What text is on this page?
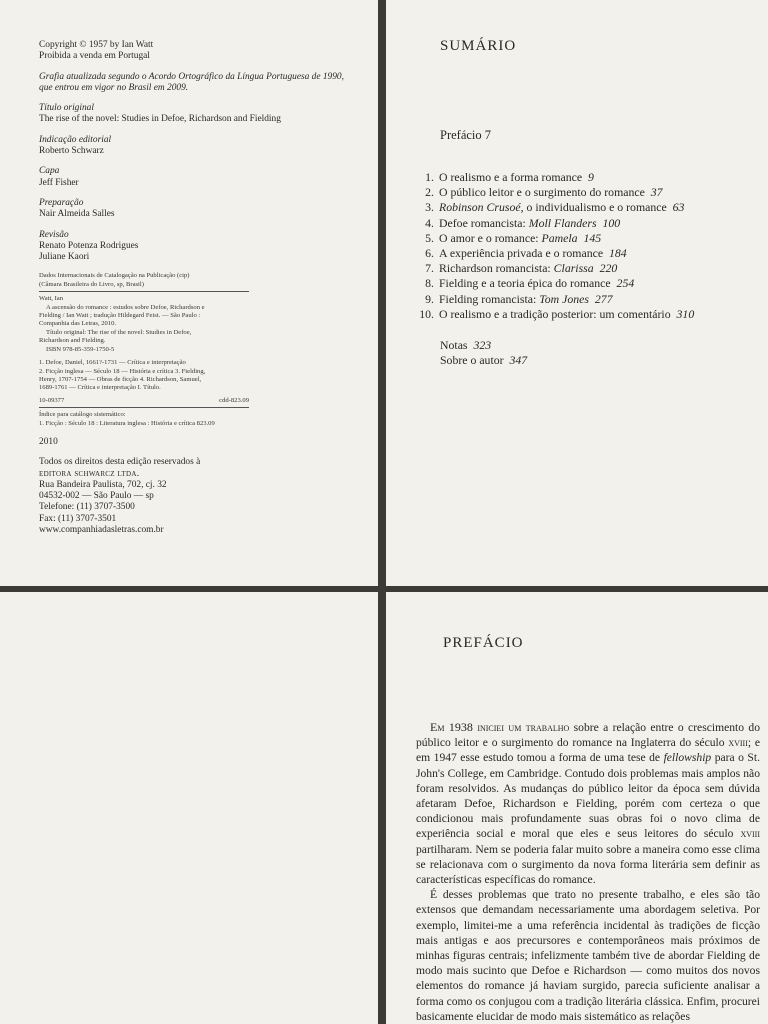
Copyright © 1957 by Ian Watt
Proibida a venda em Portugal
Grafia atualizada segundo o Acordo Ortográfico da Língua Portuguesa de 1990,
que entrou em vigor no Brasil em 2009.
Título original
The rise of the novel: Studies in Defoe, Richardson and Fielding
Indicação editorial
Roberto Schwarz
Capa
Jeff Fisher
Preparação
Nair Almeida Salles
Revisão
Renato Potenza Rodrigues
Juliane Kaori
Dados Internacionais de Catalogação na Publicação (cip)
(Câmara Brasileira do Livro, sp, Brasil)
Watt, Ian
A ascensão do romance : estudos sobre Defoe, Richardson e
Fielding / Ian Watt ; tradução Hildegard Feist. — São Paulo :
Companhia das Letras, 2010.
Título original: The rise of the novel: Studies in Defoe,
Richardson and Fielding.
ISBN 978-85-359-1750-5
1. Defoe, Daniel, 1661?-1731 — Crítica e interpretação
2. Ficção inglesa — Século 18 — História e crítica 3. Fielding,
Henry, 1707-1754 — Obras de ficção 4. Richardson, Samuel,
1689-1761 — Crítica e interpretação I. Título.
10-09377	cdd-823.09
Índice para catálogo sistemático:
1. Ficção : Século 18 : Literatura inglesa : História e crítica 823.09
2010
Todos os direitos desta edição reservados à
editora schwarcz ltda.
Rua Bandeira Paulista, 702, cj. 32
04532-002 — São Paulo — sp
Telefone: (11) 3707-3500
Fax: (11) 3707-3501
www.companhiadasletras.com.br
SUMÁRIO
Prefácio 7
1. O realismo e a forma romance 9
2. O público leitor e o surgimento do romance 37
3. Robinson Crusoé, o individualismo e o romance 63
4. Defoe romancista: Moll Flanders 100
5. O amor e o romance: Pamela 145
6. A experiência privada e o romance 184
7. Richardson romancista: Clarissa 220
8. Fielding e a teoria épica do romance 254
9. Fielding romancista: Tom Jones 277
10. O realismo e a tradição posterior: um comentário 310
Notas 323
Sobre o autor 347
PREFÁCIO

Em 1938 iniciei um trabalho sobre a relação entre o crescimento do público leitor e o surgimento do romance na Inglaterra do século xviii; e em 1947 esse estudo tomou a forma de uma tese de fellowship para o St. John's College, em Cambridge. Contudo dois problemas mais amplos não foram resolvidos. As mudanças do público leitor da época sem dúvida afetaram Defoe, Richardson e Fielding, porém com certeza o que condicionou mais profundamente suas obras foi o novo clima de experiência social e moral que eles e seus leitores do século xviii partilharam. Nem se poderia falar muito sobre a maneira como esse clima se relacionava com o surgimento da nova forma literária sem definir as características específicas do romance.

É desses problemas que trato no presente trabalho, e eles são tão extensos que demandam necessariamente uma abordagem seletiva. Por exemplo, limitei-me a uma referência incidental às tradições de ficção mais antigas e aos precursores e contemporâneos mais próximos de minhas figuras centrais; infelizmente também tive de abordar Fielding de modo mais sucinto que Defoe e Richardson — como muitos dos novos elementos do romance já haviam surgido, parecia suficiente analisar a forma como os conjugou com a tradição literária clássica. Enfim, procurei basicamente elucidar de modo mais sistemático as relações
